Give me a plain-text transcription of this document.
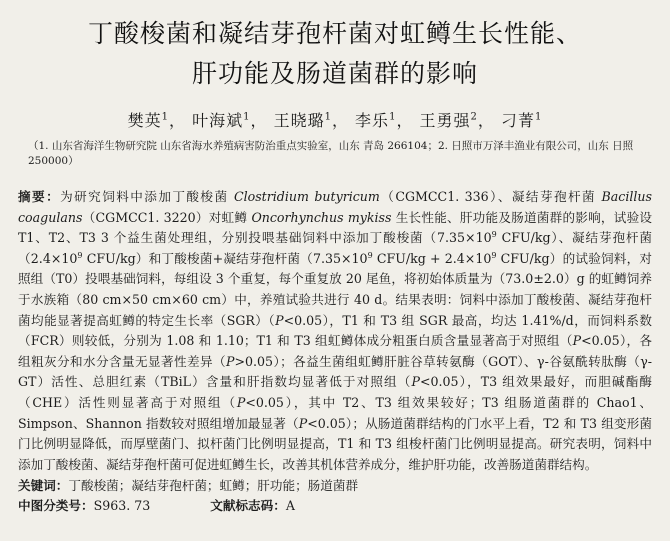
丁酸梭菌和凝结芽孢杆菌对虹鳟生长性能、
肝功能及肠道菌群的影响
樊英$^1$， 叶海斌$^1$， 王晓璐$^1$， 李乐$^1$， 王勇强$^2$， 刁菁$^1$
（1. 山东省海洋生物研究院 山东省海水养殖病害防治重点实验室，山东 青岛 266104；2. 日照市万泽丰渔业有限公司，山东 日照 250000）
摘要：为研究饲料中添加丁酸梭菌 Clostridium butyricum（CGMCC1. 336）、凝结芽孢杆菌 Bacillus coagulans（CGMCC1. 3220）对虹鳟 Oncorhynchus mykiss 生长性能、肝功能及肠道菌群的影响，试验设 T1、T2、T3 3 个益生菌处理组，分别投喂基础饲料中添加丁酸梭菌（$7.35\times 10^9$ CFU/kg）、凝结芽孢杆菌（$2.4\times 10^9$ CFU/kg）和丁酸梭菌+凝结芽孢杆菌（$7.35\times 10^9$ $CFU/kg + 2.4\times 10^9$ CFU/kg）的试验饲料，对照组（T0）投喂基础饲料，每组设 3 个重复，每个重复放 20 尾鱼，将初始体质量为（73.0±2.0）g 的虹鳟饲养于水族箱（80 cm×50 cm×60 cm）中，养殖试验共进行 40 d。结果表明：饲料中添加丁酸梭菌、凝结芽孢杆菌均能显著提高虹鳟的特定生长率（SGR）（P<0.05），T1 和 T3 组 SGR 最高，均达 1.41%/d，而饲料系数（FCR）则较低，分别为 1.08 和 1.10；T1 和 T3 组虹鳟体成分粗蛋白质含量显著高于对照组（P<0.05），各组粗灰分和水分含量无显著性差异（P>0.05）；各益生菌组虹鳟肝脏谷草转氨酶（GOT）、γ-谷氨酰转肽酶（γ-GT）活性、总胆红素（TBiL）含量和肝指数均显著低于对照组（P<0.05），T3 组效果最好，而胆碱酯酶（CHE）活性则显著高于对照组（P<0.05），其中 T2、T3 组效果较好；T3 组肠道菌群的 Chao1、Simpson、Shannon 指数较对照组增加最显著（P<0.05）；从肠道菌群结构的门水平上看，T2 和 T3 组变形菌门比例明显降低，而厚壁菌门、拟杆菌门比例明显提高，T1 和 T3 组梭杆菌门比例明显提高。研究表明，饲料中添加丁酸梭菌、凝结芽孢杆菌可促进虹鳟生长，改善其机体营养成分，维护肝功能，改善肠道菌群结构。
关键词：丁酸梭菌；凝结芽孢杆菌；虹鳟；肝功能；肠道菌群
中图分类号：S963. 73	文献标志码：A
